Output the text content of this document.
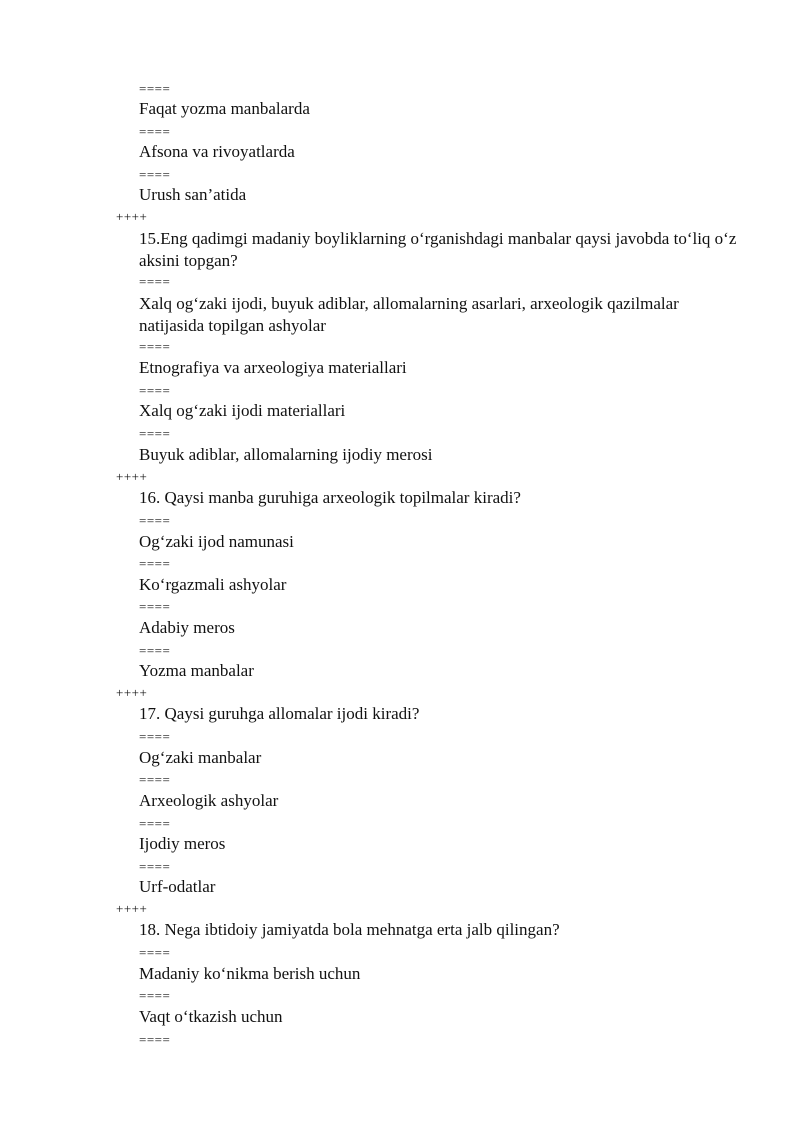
====
Faqat yozma manbalarda
====
Afsona va rivoyatlarda
====
Urush san’atida
++++
15.Eng qadimgi madaniy boyliklarning o‘rganishdagi manbalar qaysi javobda to‘liq o‘z aksini topgan?
====
Xalq og‘zaki ijodi, buyuk adiblar, allomalarning asarlari, arxeologik qazilmalar natijasida topilgan ashyolar
====
Etnografiya va arxeologiya materiallari
====
Xalq og‘zaki ijodi materiallari
====
Buyuk adiblar, allomalarning ijodiy merosi
++++
16. Qaysi manba guruhiga arxeologik topilmalar kiradi?
====
Og‘zaki ijod namunasi
====
Ko‘rgazmali ashyolar
====
Adabiy meros
====
Yozma manbalar
++++
17. Qaysi guruhga allomalar ijodi kiradi?
====
Og‘zaki manbalar
====
Arxeologik ashyolar
====
Ijodiy meros
====
Urf-odatlar
++++
18. Nega ibtidoiy jamiyatda bola mehnatga erta jalb qilingan?
====
Madaniy ko‘nikma berish uchun
====
Vaqt o‘tkazish uchun
====
